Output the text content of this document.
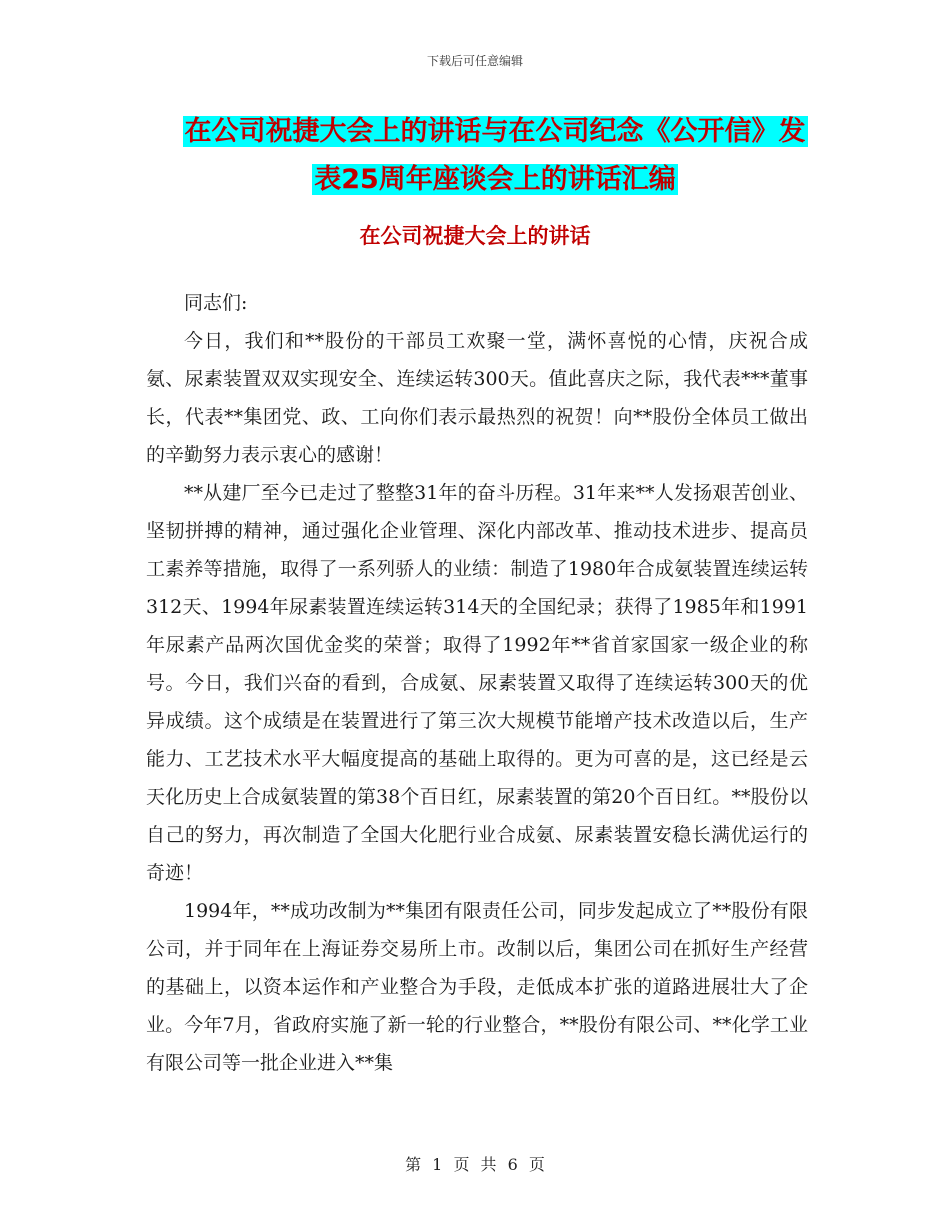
下载后可任意编辑
在公司祝捷大会上的讲话与在公司纪念《公开信》发
表25周年座谈会上的讲话汇编
在公司祝捷大会上的讲话

同志们:

今日，我们和**股份的干部员工欢聚一堂，满怀喜悦的心情，庆祝合成氨、尿素装置双双实现安全、连续运转300天。值此喜庆之际，我代表***董事长，代表**集团党、政、工向你们表示最热烈的祝贺！向**股份全体员工做出的辛勤努力表示衷心的感谢！

**从建厂至今已走过了整整31年的奋斗历程。31年来**人发扬艰苦创业、坚韧拼搏的精神，通过强化企业管理、深化内部改革、推动技术进步、提高员工素养等措施，取得了一系列骄人的业绩：制造了1980年合成氨装置连续运转312天、1994年尿素装置连续运转314天的全国纪录；获得了1985年和1991年尿素产品两次国优金奖的荣誉；取得了1992年**省首家国家一级企业的称号。今日，我们兴奋的看到，合成氨、尿素装置又取得了连续运转300天的优异成绩。这个成绩是在装置进行了第三次大规模节能增产技术改造以后，生产能力、工艺技术水平大幅度提高的基础上取得的。更为可喜的是，这已经是云天化历史上合成氨装置的第38个百日红，尿素装置的第20个百日红。**股份以自己的努力，再次制造了全国大化肥行业合成氨、尿素装置安稳长满优运行的奇迹！

1994年，**成功改制为**集团有限责任公司，同步发起成立了**股份有限公司，并于同年在上海证券交易所上市。改制以后，集团公司在抓好生产经营的基础上，以资本运作和产业整合为手段，走低成本扩张的道路进展壮大了企业。今年7月，省政府实施了新一轮的行业整合，**股份有限公司、**化学工业有限公司等一批企业进入**集

第 1 页 共 6 页
